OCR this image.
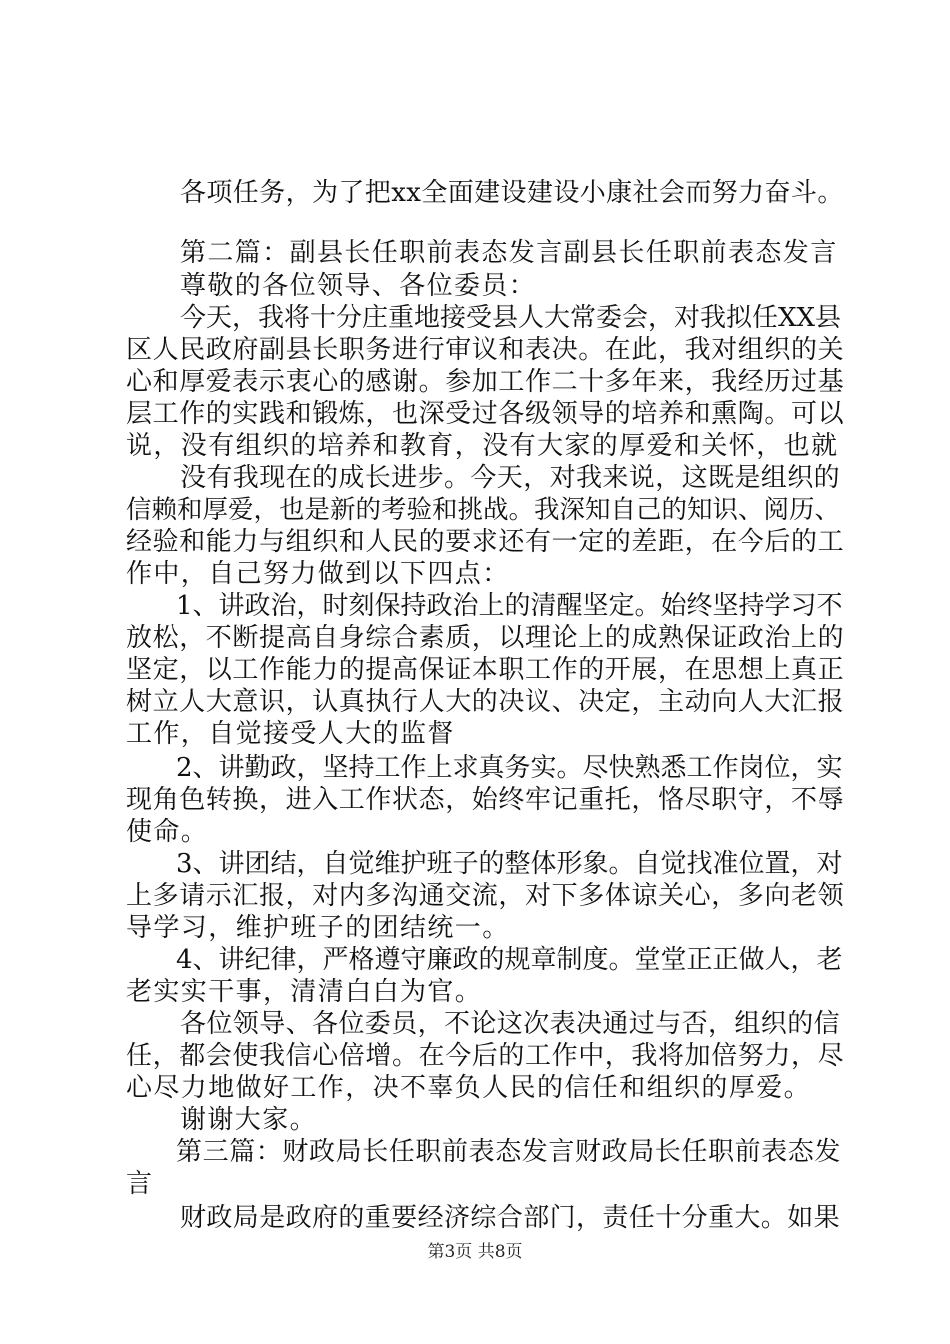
各项任务，为了把xx全面建设建设小康社会而努力奋斗。
第二篇：副县长任职前表态发言副县长任职前表态发言
尊敬的各位领导、各位委员：
今天，我将十分庄重地接受县人大常委会，对我拟任XX县
区人民政府副县长职务进行审议和表决。在此，我对组织的关
心和厚爱表示衷心的感谢。参加工作二十多年来，我经历过基
层工作的实践和锻炼，也深受过各级领导的培养和熏陶。可以
说，没有组织的培养和教育，没有大家的厚爱和关怀，也就
没有我现在的成长进步。今天，对我来说，这既是组织的
信赖和厚爱，也是新的考验和挑战。我深知自己的知识、阅历、
经验和能力与组织和人民的要求还有一定的差距，在今后的工
作中，自己努力做到以下四点：
1、讲政治，时刻保持政治上的清醒坚定。始终坚持学习不
放松，不断提高自身综合素质，以理论上的成熟保证政治上的
坚定，以工作能力的提高保证本职工作的开展，在思想上真正
树立人大意识，认真执行人大的决议、决定，主动向人大汇报
工作，自觉接受人大的监督
2、讲勤政，坚持工作上求真务实。尽快熟悉工作岗位，实
现角色转换，进入工作状态，始终牢记重托，恪尽职守，不辱
使命。
3、讲团结，自觉维护班子的整体形象。自觉找准位置，对
上多请示汇报，对内多沟通交流，对下多体谅关心，多向老领
导学习，维护班子的团结统一。
4、讲纪律，严格遵守廉政的规章制度。堂堂正正做人，老
老实实干事，清清白白为官。
各位领导、各位委员，不论这次表决通过与否，组织的信
任，都会使我信心倍增。在今后的工作中，我将加倍努力，尽
心尽力地做好工作，决不辜负人民的信任和组织的厚爱。
谢谢大家。
第三篇：财政局长任职前表态发言财政局长任职前表态发
言
财政局是政府的重要经济综合部门，责任十分重大。如果
第3页 共8页
